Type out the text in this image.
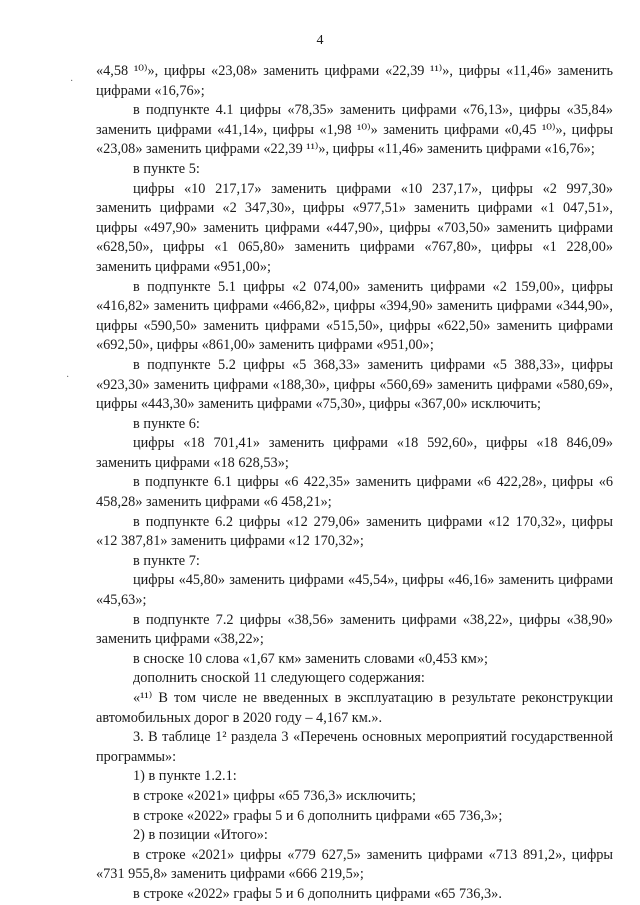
4
·
·

«4,58 ¹⁰⁾», цифры «23,08» заменить цифрами «22,39 ¹¹⁾», цифры «11,46» заменить цифрами «16,76»;

в подпункте 4.1 цифры «78,35» заменить цифрами «76,13», цифры «35,84» заменить цифрами «41,14», цифры «1,98 ¹⁰⁾» заменить цифрами «0,45 ¹⁰⁾», цифры «23,08» заменить цифрами «22,39 ¹¹⁾», цифры «11,46» заменить цифрами «16,76»;

в пункте 5:

цифры «10 217,17» заменить цифрами «10 237,17», цифры «2 997,30» заменить цифрами «2 347,30», цифры «977,51» заменить цифрами «1 047,51», цифры «497,90» заменить цифрами «447,90», цифры «703,50» заменить цифрами «628,50», цифры «1 065,80» заменить цифрами «767,80», цифры «1 228,00» заменить цифрами «951,00»;

в подпункте 5.1 цифры «2 074,00» заменить цифрами «2 159,00», цифры «416,82» заменить цифрами «466,82», цифры «394,90» заменить цифрами «344,90», цифры «590,50» заменить цифрами «515,50», цифры «622,50» заменить цифрами «692,50», цифры «861,00» заменить цифрами «951,00»;

в подпункте 5.2 цифры «5 368,33» заменить цифрами «5 388,33», цифры «923,30» заменить цифрами «188,30», цифры «560,69» заменить цифрами «580,69», цифры «443,30» заменить цифрами «75,30», цифры «367,00» исключить;

в пункте 6:

цифры «18 701,41» заменить цифрами «18 592,60», цифры «18 846,09» заменить цифрами «18 628,53»;

в подпункте 6.1 цифры «6 422,35» заменить цифрами «6 422,28», цифры «6 458,28» заменить цифрами «6 458,21»;

в подпункте 6.2 цифры «12 279,06» заменить цифрами «12 170,32», цифры «12 387,81» заменить цифрами «12 170,32»;

в пункте 7:

цифры «45,80» заменить цифрами «45,54», цифры «46,16» заменить цифрами «45,63»;

в подпункте 7.2 цифры «38,56» заменить цифрами «38,22», цифры «38,90» заменить цифрами «38,22»;

в сноске 10 слова «1,67 км» заменить словами «0,453 км»;

дополнить сноской 11 следующего содержания:

«¹¹⁾ В том числе не введенных в эксплуатацию в результате реконструкции автомобильных дорог в 2020 году – 4,167 км.».

3. В таблице 1² раздела 3 «Перечень основных мероприятий государственной программы»:

1) в пункте 1.2.1:

в строке «2021» цифры «65 736,3» исключить;

в строке «2022» графы 5 и 6 дополнить цифрами «65 736,3»;

2) в позиции «Итого»:

в строке «2021» цифры «779 627,5» заменить цифрами «713 891,2», цифры «731 955,8» заменить цифрами «666 219,5»;

в строке «2022» графы 5 и 6 дополнить цифрами «65 736,3».
